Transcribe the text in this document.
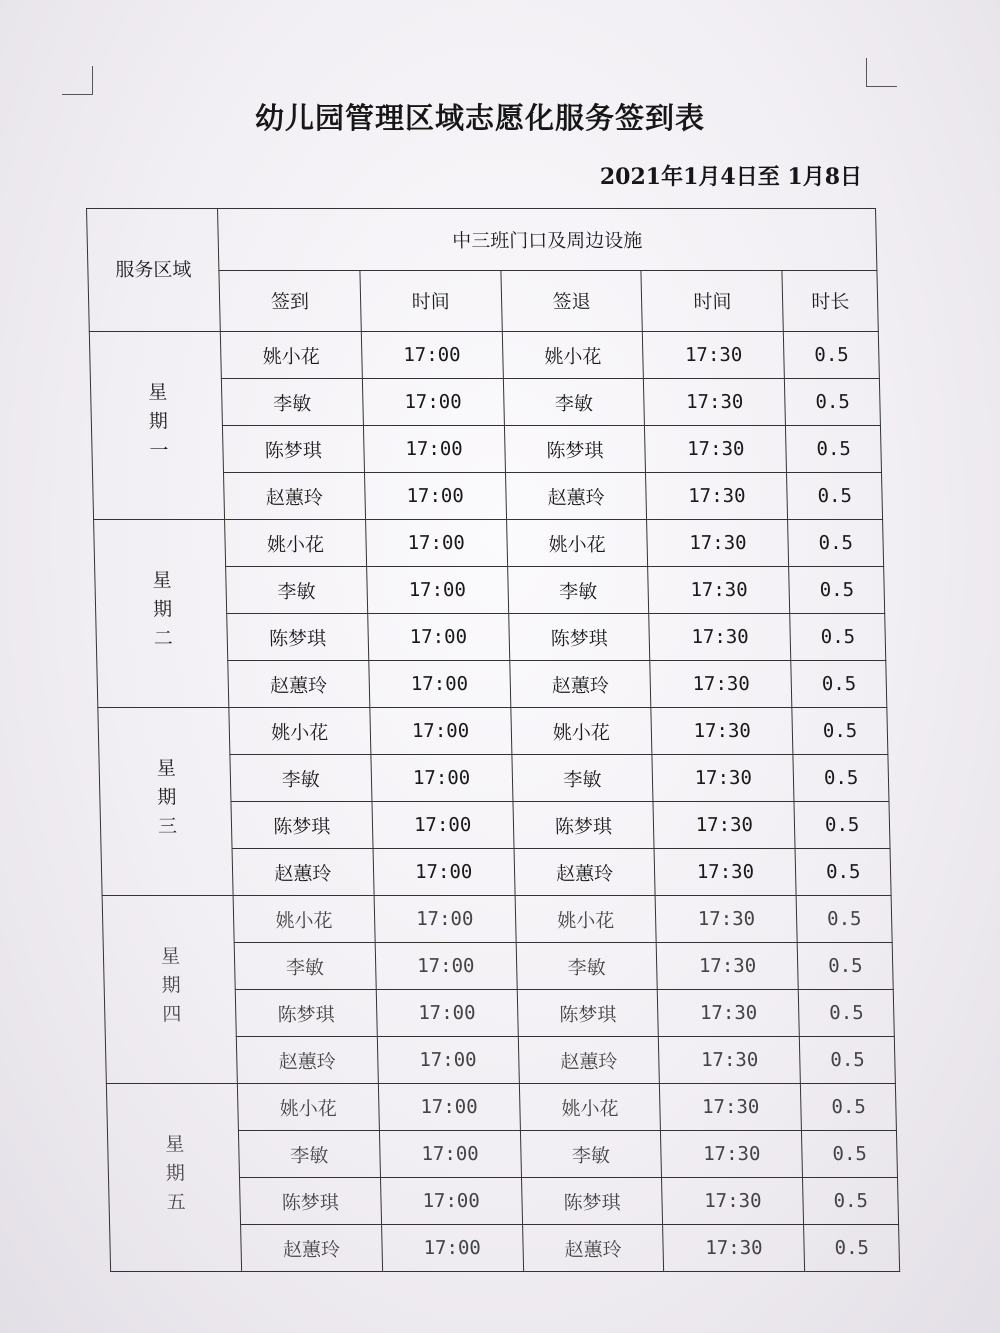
幼儿园管理区域志愿化服务签到表
2021年1月4日至 1月8日
服务区域	中三班门口及周边设施				
	签到	时间	签退	时间	时长
星期一	姚小花	17:00	姚小花	17:30	0.5
	李敏	17:00	李敏	17:30	0.5
	陈梦琪	17:00	陈梦琪	17:30	0.5
	赵蕙玲	17:00	赵蕙玲	17:30	0.5
星期二	姚小花	17:00	姚小花	17:30	0.5
	李敏	17:00	李敏	17:30	0.5
	陈梦琪	17:00	陈梦琪	17:30	0.5
	赵蕙玲	17:00	赵蕙玲	17:30	0.5
星期三	姚小花	17:00	姚小花	17:30	0.5
	李敏	17:00	李敏	17:30	0.5
	陈梦琪	17:00	陈梦琪	17:30	0.5
	赵蕙玲	17:00	赵蕙玲	17:30	0.5
星期四	姚小花	17:00	姚小花	17:30	0.5
	李敏	17:00	李敏	17:30	0.5
	陈梦琪	17:00	陈梦琪	17:30	0.5
	赵蕙玲	17:00	赵蕙玲	17:30	0.5
星期五	姚小花	17:00	姚小花	17:30	0.5
	李敏	17:00	李敏	17:30	0.5
	陈梦琪	17:00	陈梦琪	17:30	0.5
	赵蕙玲	17:00	赵蕙玲	17:30	0.5
